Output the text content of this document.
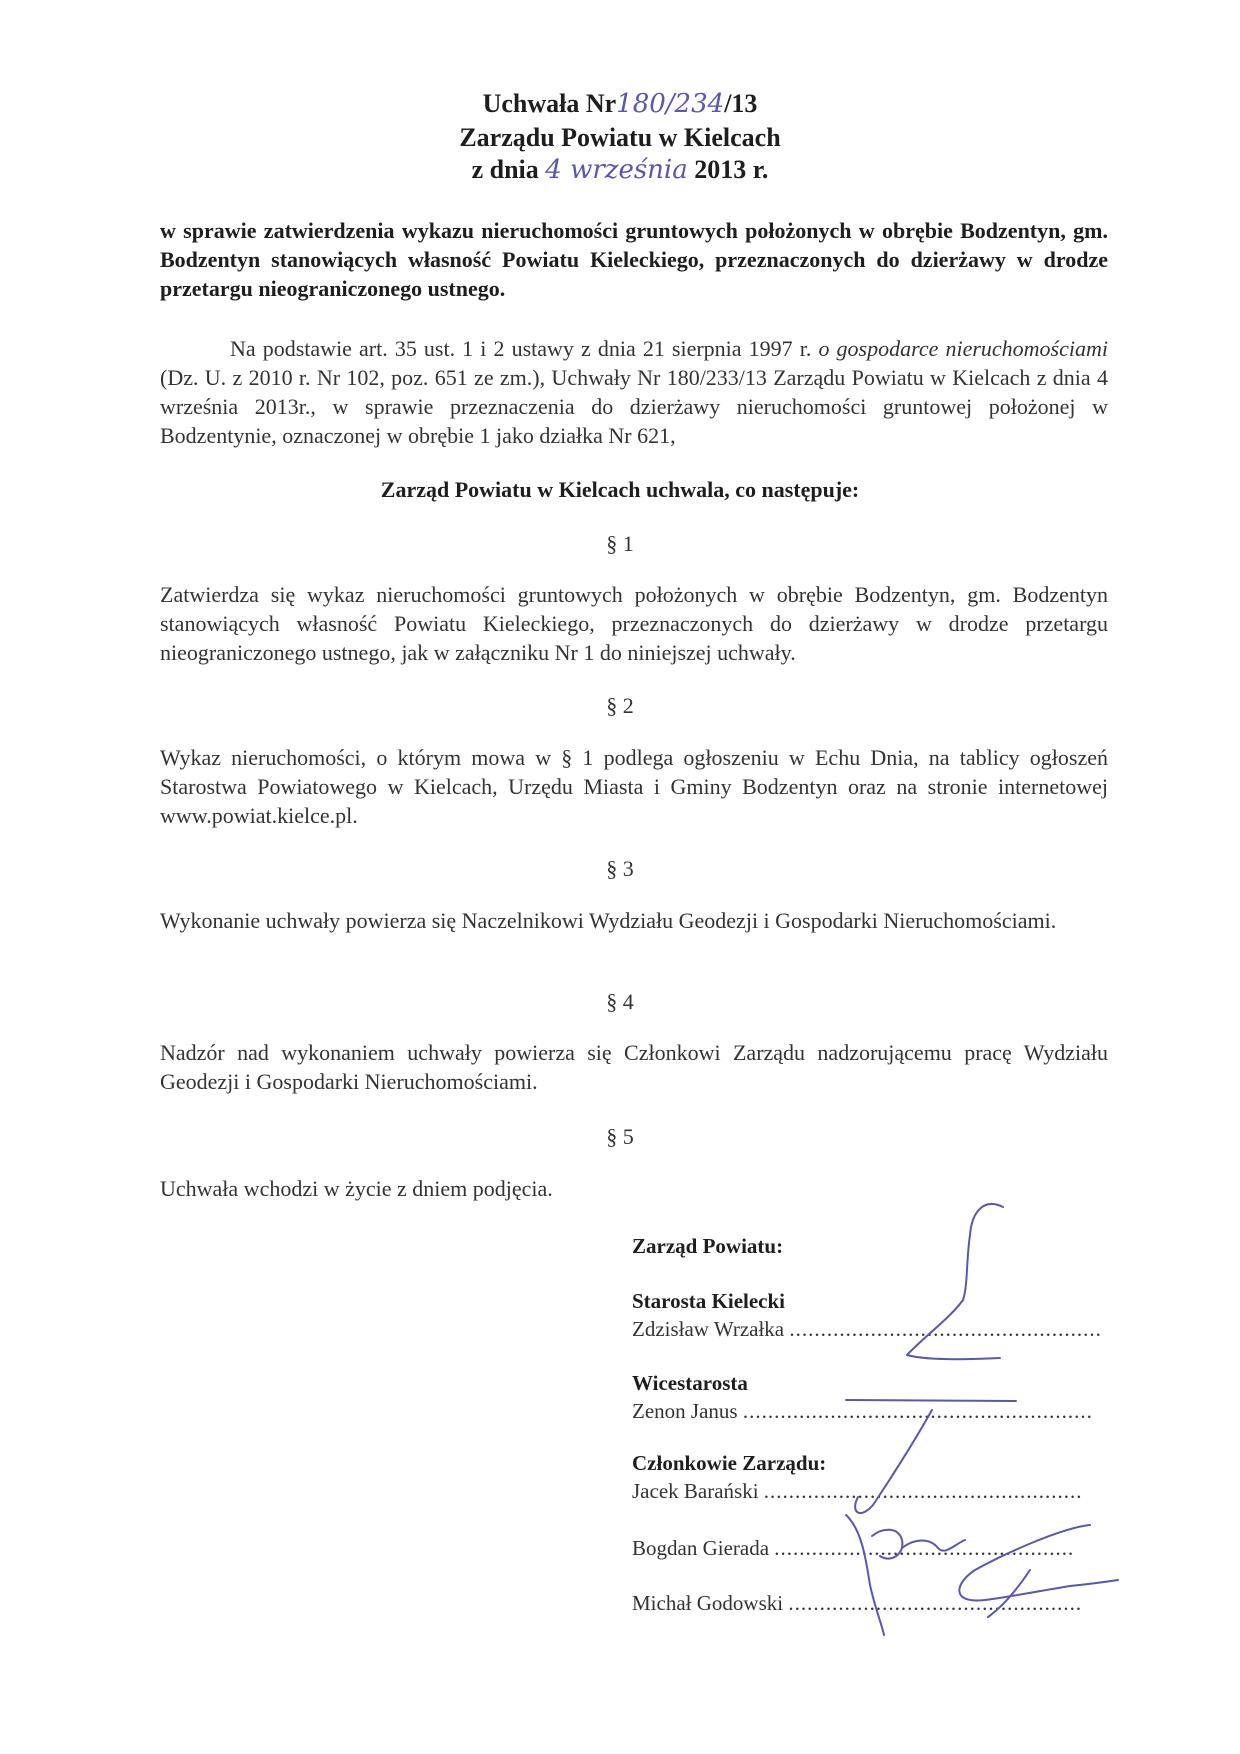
Uchwała Nr180/234/13
Zarządu Powiatu w Kielcach
z dnia 4 września 2013 r.
w sprawie zatwierdzenia wykazu nieruchomości gruntowych położonych w obrębie Bodzentyn, gm. Bodzentyn stanowiących własność Powiatu Kieleckiego, przeznaczonych do dzierżawy w drodze przetargu nieograniczonego ustnego.
Na podstawie art. 35 ust. 1 i 2 ustawy z dnia 21 sierpnia 1997 r. o gospodarce nieruchomościami (Dz. U. z 2010 r. Nr 102, poz. 651 ze zm.), Uchwały Nr 180/233/13 Zarządu Powiatu w Kielcach z dnia 4 września 2013r., w sprawie przeznaczenia do dzierżawy nieruchomości gruntowej położonej w Bodzentynie, oznaczonej w obrębie 1 jako działka Nr 621,
Zarząd Powiatu w Kielcach uchwala, co następuje:
§ 1
Zatwierdza się wykaz nieruchomości gruntowych położonych w obrębie Bodzentyn, gm. Bodzentyn stanowiących własność Powiatu Kieleckiego, przeznaczonych do dzierżawy w drodze przetargu nieograniczonego ustnego, jak w załączniku Nr 1 do niniejszej uchwały.
§ 2
Wykaz nieruchomości, o którym mowa w § 1 podlega ogłoszeniu w Echu Dnia, na tablicy ogłoszeń Starostwa Powiatowego w Kielcach, Urzędu Miasta i Gminy Bodzentyn oraz na stronie internetowej www.powiat.kielce.pl.
§ 3
Wykonanie uchwały powierza się Naczelnikowi Wydziału Geodezji i Gospodarki Nieruchomościami.
§ 4
Nadzór nad wykonaniem uchwały powierza się Członkowi Zarządu nadzorującemu pracę Wydziału Geodezji i Gospodarki Nieruchomościami.
§ 5
Uchwała wchodzi w życie z dniem podjęcia.
Zarząd Powiatu:
Starosta Kielecki
Zdzisław Wrzałka ..................................................
Wicestarosta
Zenon Janus ........................................................
Członkowie Zarządu:
Jacek Barański ...................................................
Bogdan Gierada ................................................
Michał Godowski ...............................................
